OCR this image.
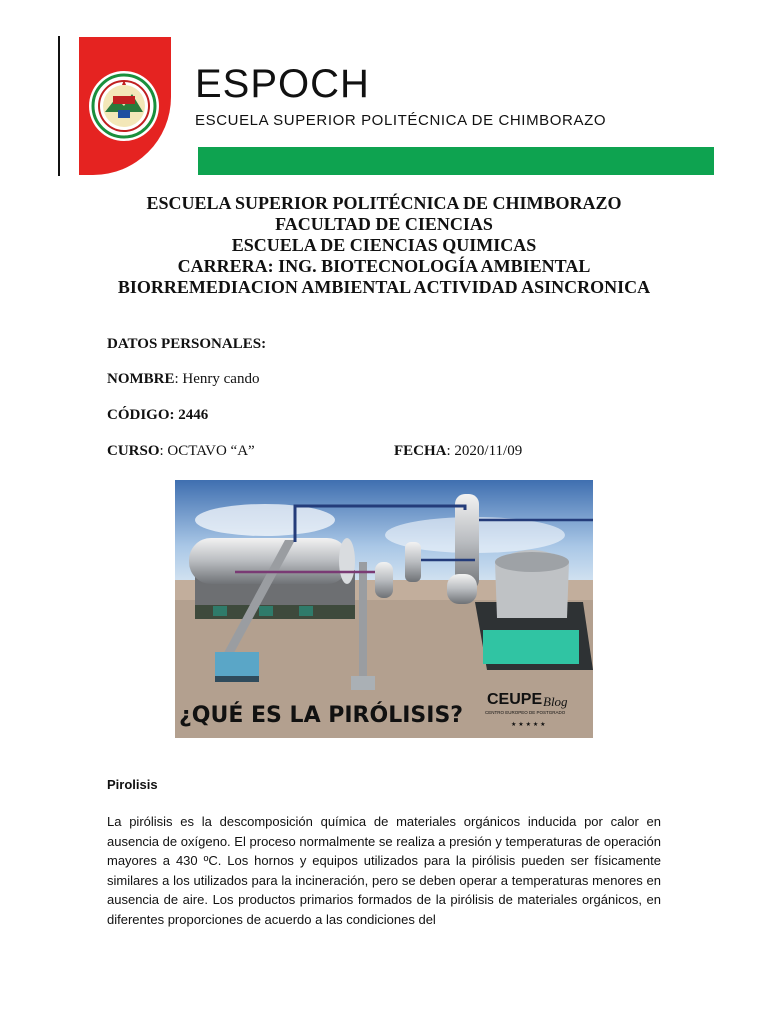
ESPOCH
ESCUELA SUPERIOR POLITÉCNICA DE CHIMBORAZO
ESCUELA SUPERIOR POLITÉCNICA DE CHIMBORAZO
FACULTAD DE CIENCIAS
ESCUELA DE CIENCIAS QUIMICAS
CARRERA: ING. BIOTECNOLOGÍA AMBIENTAL
BIORREMEDIACION AMBIENTAL ACTIVIDAD ASINCRONICA
DATOS PERSONALES:
NOMBRE: Henry cando
CÓDIGO: 2446
CURSO: OCTAVO “A”	FECHA: 2020/11/09
¿QUÉ ES LA PIRÓLISIS?
CEUPE Blog
CENTRO EUROPEO DE POSTGRADO
★ ★ ★ ★ ★
Pirolisis
La pirólisis es la descomposición química de materiales orgánicos inducida por calor en ausencia de oxígeno. El proceso normalmente se realiza a presión y temperaturas de operación mayores a 430 ºC. Los hornos y equipos utilizados para la pirólisis pueden ser físicamente similares a los utilizados para la incineración, pero se deben operar a temperaturas menores en ausencia de aire. Los productos primarios formados de la pirólisis de materiales orgánicos, en diferentes proporciones de acuerdo a las condiciones del
